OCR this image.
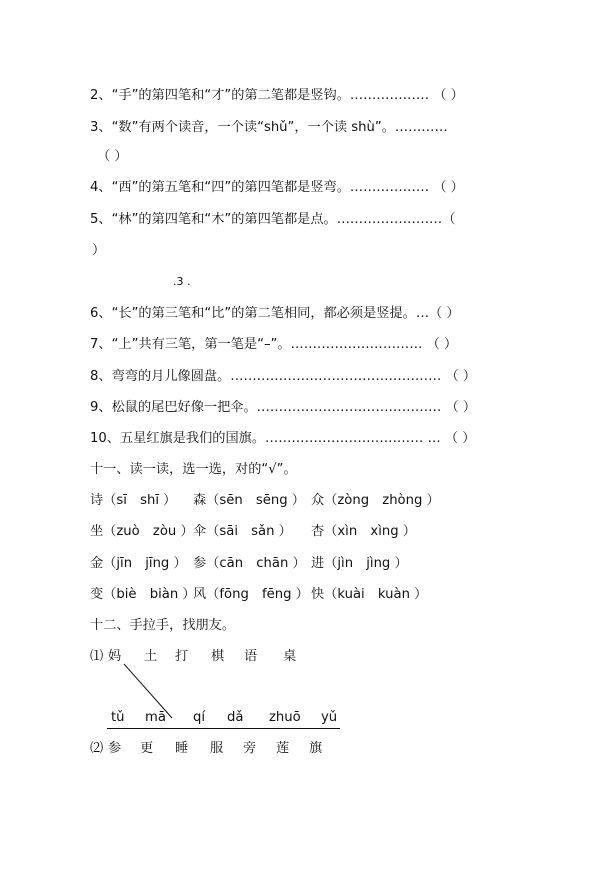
2、“手”的第四笔和“才”的第二笔都是竖钩。……………… （ ）
3、“数”有两个读音，一个读“shǔ”，一个读 shù”。…………
（ ）
4、“西”的第五笔和“四”的第四笔都是竖弯。……………… （ ）
5、“林”的第四笔和“木”的第四笔都是点。……………………（
）
.3 .
6、“长”的第三笔和“比”的第二笔相同，都必须是竖提。…（ ）
7、“上”共有三笔，第一笔是“–”。………………………… （ ）
8、弯弯的月儿像圆盘。………………………………………… （ ）
9、松鼠的尾巴好像一把伞。…………………………………… （ ）
10、五星红旗是我们的国旗。……………………………… … （ ）
十一、读一读，选一选，对的“√”。

诗（sī　shī ）

森（sēn　sēng ）

众（zòng　zhòng ）

坐（zuò　zòu ）

伞（sāi　sǎn ）

杏（xìn　xìng ）

金（jīn　jīng ）

参（cān　chān ）

进（jìn　jìng ）

变（biè　biàn ）

风（fōng　fēng ）

快（kuài　kuàn ）

十二、手拉手，找朋友。

⑴

妈

土

打

棋

语

桌

tǔ mā qí dǎ zhuō yǔ

⑵

参

更

睡

服

旁

莲

旗
